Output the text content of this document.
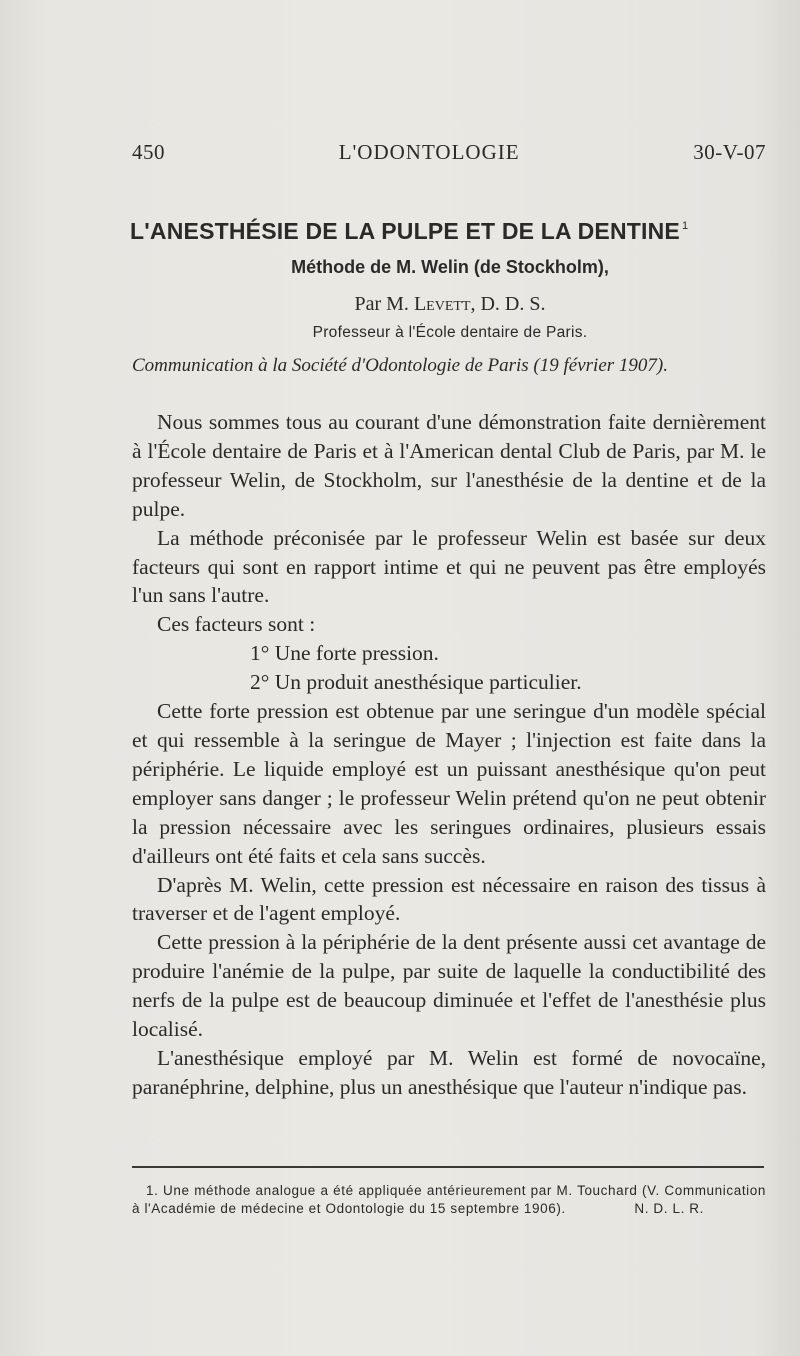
450	L'ODONTOLOGIE	30-V-07
L'ANESTHÉSIE DE LA PULPE ET DE LA DENTINE $^1$
Méthode de M. Welin (de Stockholm),
Par M. Levett, D. D. S.
Professeur à l'École dentaire de Paris.
Communication à la Société d'Odontologie de Paris (19 février 1907).

Nous sommes tous au courant d'une démonstration faite dernièrement à l'École dentaire de Paris et à l'American dental Club de Paris, par M. le professeur Welin, de Stockholm, sur l'anesthésie de la dentine et de la pulpe.

La méthode préconisée par le professeur Welin est basée sur deux facteurs qui sont en rapport intime et qui ne peuvent pas être employés l'un sans l'autre.

Ces facteurs sont :

1° Une forte pression.

2° Un produit anesthésique particulier.

Cette forte pression est obtenue par une seringue d'un modèle spécial et qui ressemble à la seringue de Mayer ; l'injection est faite dans la périphérie. Le liquide employé est un puissant anesthésique qu'on peut employer sans danger ; le professeur Welin prétend qu'on ne peut obtenir la pression nécessaire avec les seringues ordinaires, plusieurs essais d'ailleurs ont été faits et cela sans succès.

D'après M. Welin, cette pression est nécessaire en raison des tissus à traverser et de l'agent employé.

Cette pression à la périphérie de la dent présente aussi cet avantage de produire l'anémie de la pulpe, par suite de laquelle la conductibilité des nerfs de la pulpe est de beaucoup diminuée et l'effet de l'anesthésie plus localisé.

L'anesthésique employé par M. Welin est formé de novocaïne, paranéphrine, delphine, plus un anesthésique que l'auteur n'indique pas.

1. Une méthode analogue a été appliquée antérieurement par M. Touchard (V. Communication à l'Académie de médecine et Odontologie du 15 septembre 1906).	N. D. L. R.
